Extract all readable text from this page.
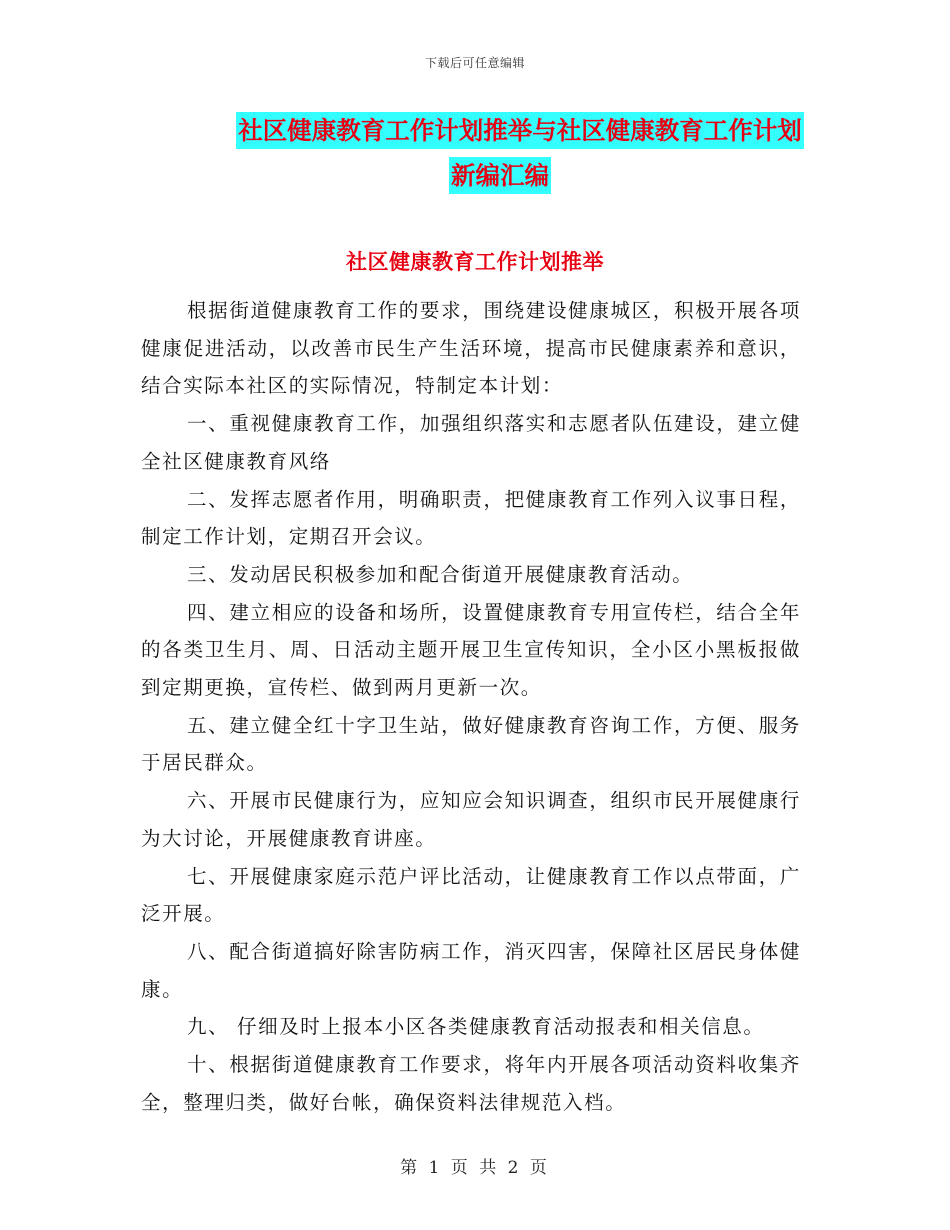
下载后可任意编辑
社区健康教育工作计划推举与社区健康教育工作计划
新编汇编
社区健康教育工作计划推举

根据街道健康教育工作的要求，围绕建设健康城区，积极开展各项健康促进活动，以改善市民生产生活环境，提高市民健康素养和意识，结合实际本社区的实际情况，特制定本计划：

一、重视健康教育工作，加强组织落实和志愿者队伍建设，建立健全社区健康教育风络

二、发挥志愿者作用，明确职责，把健康教育工作列入议事日程，制定工作计划，定期召开会议。

三、发动居民积极参加和配合街道开展健康教育活动。

四、建立相应的设备和场所，设置健康教育专用宣传栏，结合全年的各类卫生月、周、日活动主题开展卫生宣传知识，全小区小黑板报做到定期更换，宣传栏、做到两月更新一次。

五、建立健全红十字卫生站，做好健康教育咨询工作，方便、服务于居民群众。

六、开展市民健康行为，应知应会知识调查，组织市民开展健康行为大讨论，开展健康教育讲座。

七、开展健康家庭示范户评比活动，让健康教育工作以点带面，广泛开展。

八、配合街道搞好除害防病工作，消灭四害，保障社区居民身体健康。

九、 仔细及时上报本小区各类健康教育活动报表和相关信息。

十、根据街道健康教育工作要求，将年内开展各项活动资料收集齐全，整理归类，做好台帐，确保资料法律规范入档。

第 1 页 共 2 页
